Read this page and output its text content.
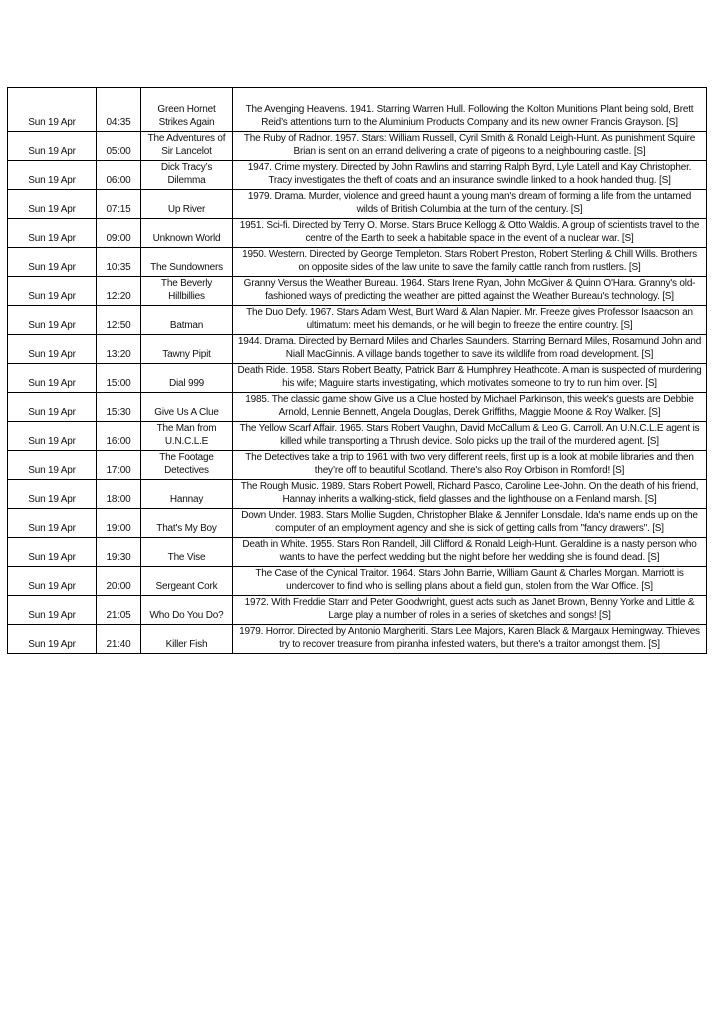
Sun 19 Apr	04:35	Green Hornet Strikes Again	The Avenging Heavens. 1941. Starring Warren Hull. Following the Kolton Munitions Plant being sold, Brett Reid’s attentions turn to the Aluminium Products Company and its new owner Francis Grayson. [S]
Sun 19 Apr	05:00	The Adventures of Sir Lancelot	The Ruby of Radnor. 1957. Stars: William Russell, Cyril Smith & Ronald Leigh-Hunt. As punishment Squire Brian is sent on an errand delivering a crate of pigeons to a neighbouring castle. [S]
Sun 19 Apr	06:00	Dick Tracy’s Dilemma	1947. Crime mystery. Directed by John Rawlins and starring Ralph Byrd, Lyle Latell and Kay Christopher. Tracy investigates the theft of coats and an insurance swindle linked to a hook handed thug. [S]
Sun 19 Apr	07:15	Up River	1979. Drama. Murder, violence and greed haunt a young man's dream of forming a life from the untamed wilds of British Columbia at the turn of the century. [S]
Sun 19 Apr	09:00	Unknown World	1951. Sci-fi. Directed by Terry O. Morse. Stars Bruce Kellogg & Otto Waldis. A group of scientists travel to the centre of the Earth to seek a habitable space in the event of a nuclear war. [S]
Sun 19 Apr	10:35	The Sundowners	1950. Western. Directed by George Templeton. Stars Robert Preston, Robert Sterling & Chill Wills. Brothers on opposite sides of the law unite to save the family cattle ranch from rustlers. [S]
Sun 19 Apr	12:20	The Beverly Hillbillies	Granny Versus the Weather Bureau. 1964. Stars Irene Ryan, John McGiver & Quinn O'Hara. Granny's old-fashioned ways of predicting the weather are pitted against the Weather Bureau's technology. [S]
Sun 19 Apr	12:50	Batman	The Duo Defy. 1967. Stars Adam West, Burt Ward & Alan Napier. Mr. Freeze gives Professor Isaacson an ultimatum: meet his demands, or he will begin to freeze the entire country. [S]
Sun 19 Apr	13:20	Tawny Pipit	1944. Drama. Directed by Bernard Miles and Charles Saunders. Starring Bernard Miles, Rosamund John and Niall MacGinnis. A village bands together to save its wildlife from road development. [S]
Sun 19 Apr	15:00	Dial 999	Death Ride. 1958. Stars Robert Beatty, Patrick Barr & Humphrey Heathcote. A man is suspected of murdering his wife; Maguire starts investigating, which motivates someone to try to run him over. [S]
Sun 19 Apr	15:30	Give Us A Clue	1985. The classic game show Give us a Clue hosted by Michael Parkinson, this week's guests are Debbie Arnold, Lennie Bennett, Angela Douglas, Derek Griffiths, Maggie Moone & Roy Walker. [S]
Sun 19 Apr	16:00	The Man from U.N.C.L.E	The Yellow Scarf Affair. 1965. Stars Robert Vaughn, David McCallum & Leo G. Carroll. An U.N.C.L.E agent is killed while transporting a Thrush device. Solo picks up the trail of the murdered agent. [S]
Sun 19 Apr	17:00	The Footage Detectives	The Detectives take a trip to 1961 with two very different reels, first up is a look at mobile libraries and then they’re off to beautiful Scotland. There's also Roy Orbison in Romford! [S]
Sun 19 Apr	18:00	Hannay	The Rough Music. 1989. Stars Robert Powell, Richard Pasco, Caroline Lee-John. On the death of his friend, Hannay inherits a walking-stick, field glasses and the lighthouse on a Fenland marsh. [S]
Sun 19 Apr	19:00	That's My Boy	Down Under. 1983. Stars Mollie Sugden, Christopher Blake & Jennifer Lonsdale. Ida's name ends up on the computer of an employment agency and she is sick of getting calls from ''fancy drawers''. [S]
Sun 19 Apr	19:30	The Vise	Death in White. 1955. Stars Ron Randell, Jill Clifford & Ronald Leigh-Hunt. Geraldine is a nasty person who wants to have the perfect wedding but the night before her wedding she is found dead. [S]
Sun 19 Apr	20:00	Sergeant Cork	The Case of the Cynical Traitor. 1964. Stars John Barrie, William Gaunt & Charles Morgan. Marriott is undercover to find who is selling plans about a field gun, stolen from the War Office. [S]
Sun 19 Apr	21:05	Who Do You Do?	1972. With Freddie Starr and Peter Goodwright, guest acts such as Janet Brown, Benny Yorke and Little & Large play a number of roles in a series of sketches and songs! [S]
Sun 19 Apr	21:40	Killer Fish	1979. Horror. Directed by Antonio Margheriti. Stars Lee Majors, Karen Black & Margaux Hemingway. Thieves try to recover treasure from piranha infested waters, but there's a traitor amongst them. [S]
